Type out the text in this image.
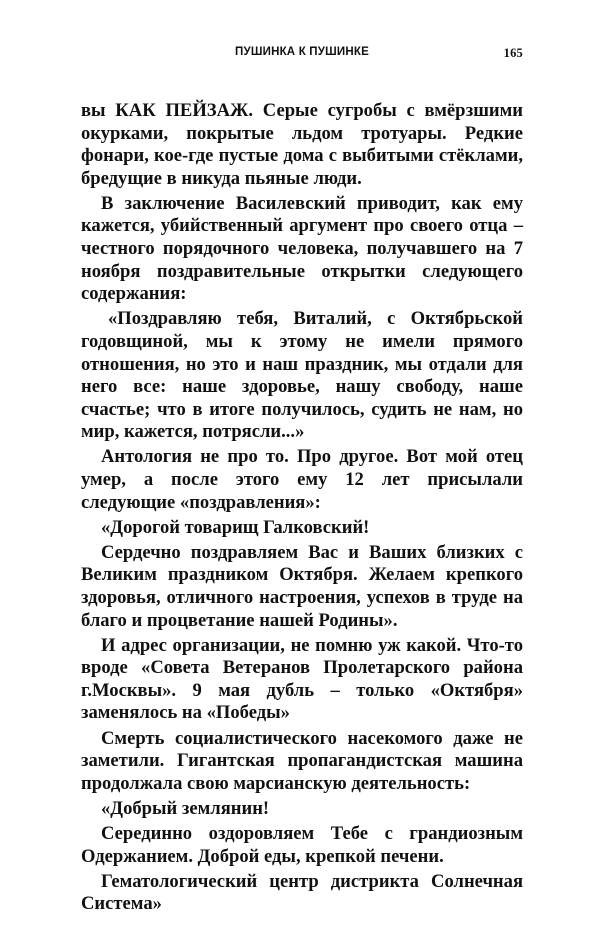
ПУШИНКА К ПУШИНКЕ	165

вы КАК ПЕЙЗАЖ. Серые сугробы с вмёрзшими окурками, покрытые льдом тротуары. Редкие фонари, кое-где пустые дома с выбитыми стёклами, бредущие в никуда пьяные люди.

В заключение Василевский приводит, как ему кажется, убийственный аргумент про своего отца – честного порядочного человека, получавшего на 7 ноября поздравительные открытки следующего содержания:

«Поздравляю тебя, Виталий, с Октябрьской годовщиной, мы к этому не имели прямого отношения, но это и наш праздник, мы отдали для него все: наше здоровье, нашу свободу, наше счастье; что в итоге получилось, судить не нам, но мир, кажется, потрясли...»

Антология не про то. Про другое. Вот мой отец умер, а после этого ему 12 лет присылали следующие «поздравления»:

«Дорогой товарищ Галковский!

Сердечно поздравляем Вас и Ваших близких с Великим праздником Октября. Желаем крепкого здоровья, отличного настроения, успехов в труде на благо и процветание нашей Родины».

И адрес организации, не помню уж какой. Что-то вроде «Совета Ветеранов Пролетарского района г.Москвы». 9 мая дубль – только «Октября» заменялось на «Победы»

Смерть социалистического насекомого даже не заметили. Гигантская пропагандистская машина продолжала свою марсианскую деятельность:

«Добрый землянин!

Серединно оздоровляем Тебе с грандиозным Одержанием. Доброй еды, крепкой печени.

Гематологический центр дистрикта Солнечная Система»
